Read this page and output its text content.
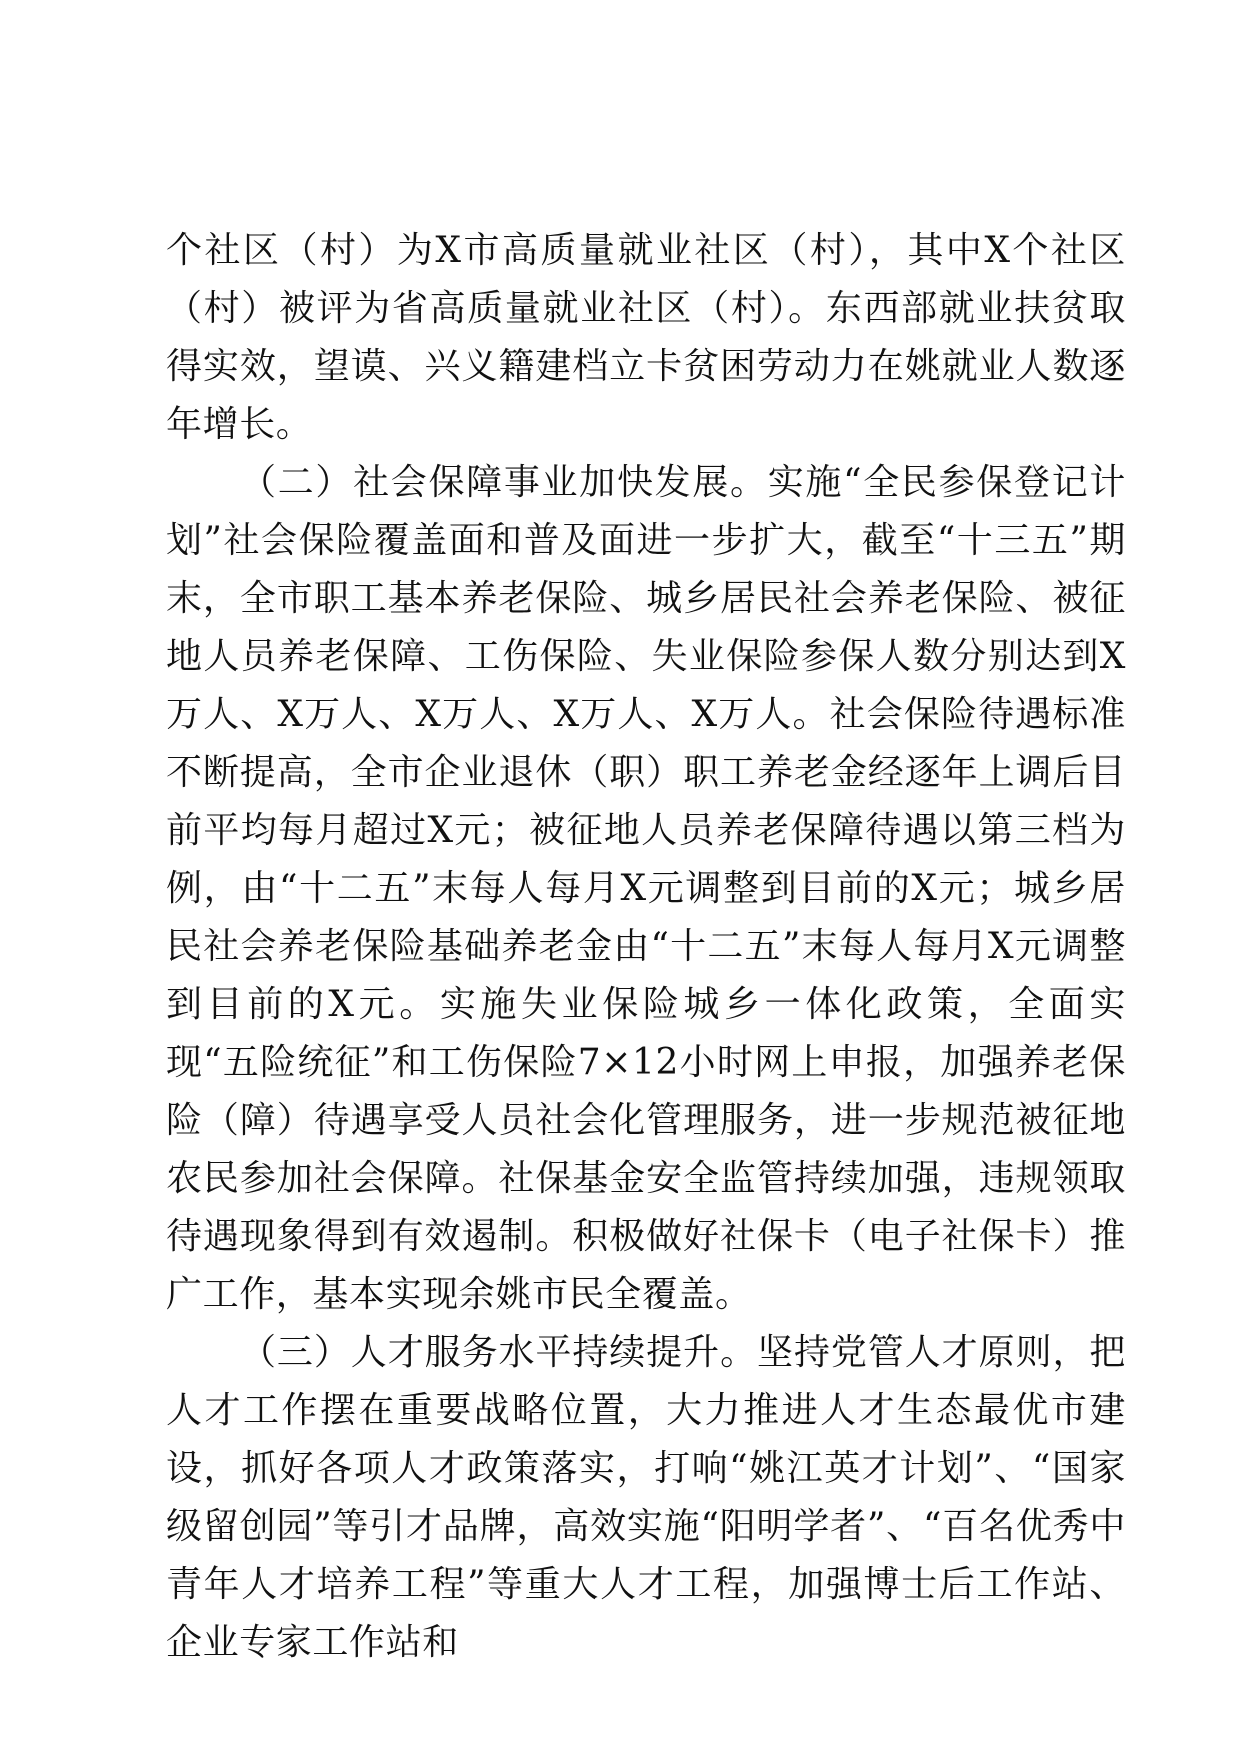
个社区（村）为X市高质量就业社区（村），其中X个社区（村）被评为省高质量就业社区（村）。东西部就业扶贫取得实效，望谟、兴义籍建档立卡贫困劳动力在姚就业人数逐年增长。

（二）社会保障事业加快发展。实施“全民参保登记计划”社会保险覆盖面和普及面进一步扩大，截至“十三五”期末，全市职工基本养老保险、城乡居民社会养老保险、被征地人员养老保障、工伤保险、失业保险参保人数分别达到X万人、X万人、X万人、X万人、X万人。社会保险待遇标准不断提高，全市企业退休（职）职工养老金经逐年上调后目前平均每月超过X元；被征地人员养老保障待遇以第三档为例，由“十二五”末每人每月X元调整到目前的X元；城乡居民社会养老保险基础养老金由“十二五”末每人每月X元调整到目前的X元。实施失业保险城乡一体化政策，全面实现“五险统征”和工伤保险7×12小时网上申报，加强养老保险（障）待遇享受人员社会化管理服务，进一步规范被征地农民参加社会保障。社保基金安全监管持续加强，违规领取待遇现象得到有效遏制。积极做好社保卡（电子社保卡）推广工作，基本实现余姚市民全覆盖。

（三）人才服务水平持续提升。坚持党管人才原则，把人才工作摆在重要战略位置，大力推进人才生态最优市建设，抓好各项人才政策落实，打响“姚江英才计划”、“国家级留创园”等引才品牌，高效实施“阳明学者”、“百名优秀中青年人才培养工程”等重大人才工程，加强博士后工作站、企业专家工作站和
